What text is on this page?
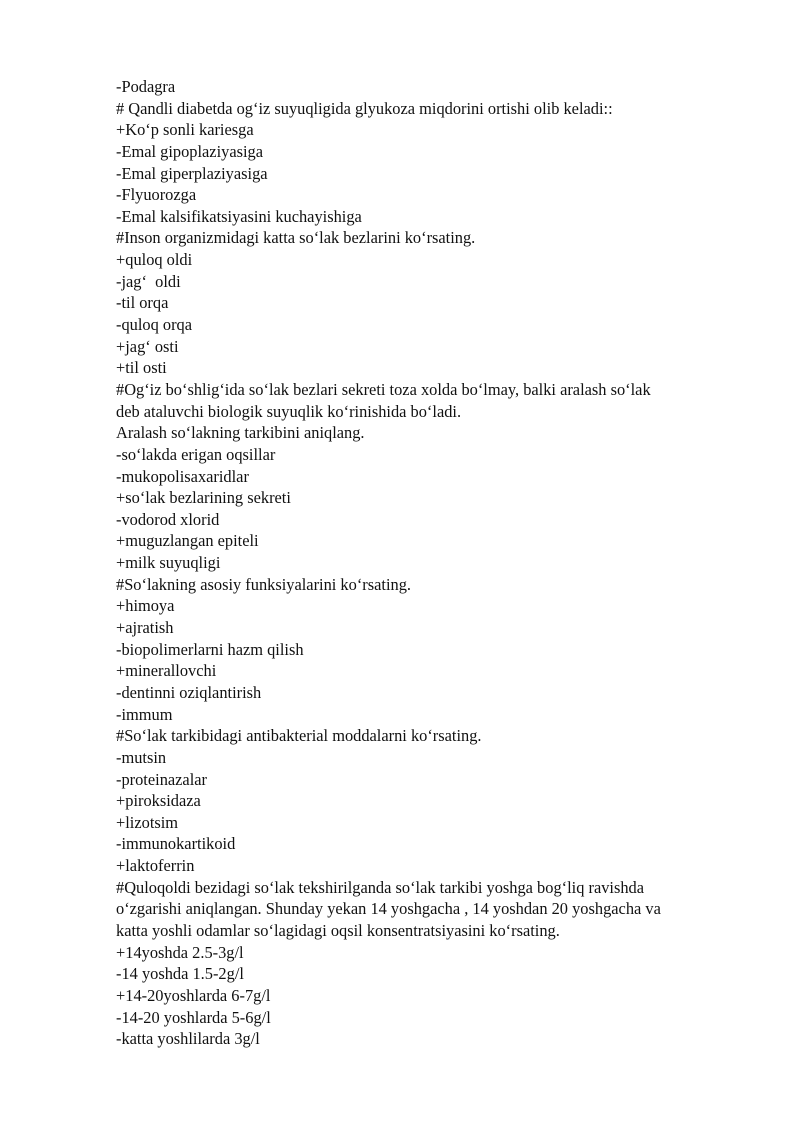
-Podagra
# Qandli diabetda og‘iz suyuqligida glyukoza miqdorini ortishi olib keladi::
+Ko‘p sonli kariesga
-Emal gipoplaziyasiga
-Emal giperplaziyasiga
-Flyuorozga
-Emal kalsifikatsiyasini kuchayishiga
#Inson organizmidagi katta so‘lak bezlarini ko‘rsating.
+quloq oldi
-jag‘  oldi
-til orqa
-quloq orqa
+jag‘ osti
+til osti
#Og‘iz bo‘shlig‘ida so‘lak bezlari sekreti toza xolda bo‘lmay, balki aralash so‘lak
deb ataluvchi biologik suyuqlik ko‘rinishida bo‘ladi.
Aralash so‘lakning tarkibini aniqlang.
-so‘lakda erigan oqsillar
-mukopolisaxaridlar
+so‘lak bezlarining sekreti
-vodorod xlorid
+muguzlangan epiteli
+milk suyuqligi
#So‘lakning asosiy funksiyalarini ko‘rsating.
+himoya
+ajratish
-biopolimerlarni hazm qilish
+minerallovchi
-dentinni oziqlantirish
-immum
#So‘lak tarkibidagi antibakterial moddalarni ko‘rsating.
-mutsin
-proteinazalar
+piroksidaza
+lizotsim
-immunokartikoid
+laktoferrin
#Quloqoldi bezidagi so‘lak tekshirilganda so‘lak tarkibi yoshga bog‘liq ravishda
o‘zgarishi aniqlangan. Shunday yekan 14 yoshgacha , 14 yoshdan 20 yoshgacha va
katta yoshli odamlar so‘lagidagi oqsil konsentratsiyasini ko‘rsating.
+14yoshda 2.5-3g/l
-14 yoshda 1.5-2g/l
+14-20yoshlarda 6-7g/l
-14-20 yoshlarda 5-6g/l
-katta yoshlilarda 3g/l
